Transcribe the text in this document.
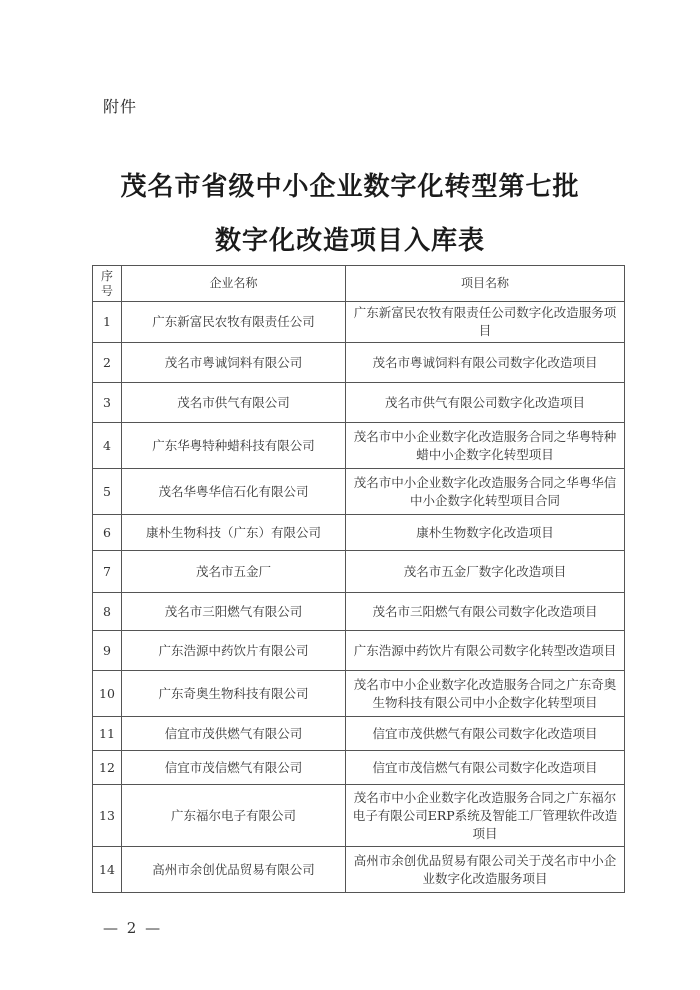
附件
茂名市省级中小企业数字化转型第七批
数字化改造项目入库表
序号	企业名称	项目名称
1	广东新富民农牧有限责任公司	广东新富民农牧有限责任公司数字化改造服务项目
2	茂名市粤诚饲料有限公司	茂名市粤诚饲料有限公司数字化改造项目
3	茂名市供气有限公司	茂名市供气有限公司数字化改造项目
4	广东华粤特种蜡科技有限公司	茂名市中小企业数字化改造服务合同之华粤特种蜡中小企数字化转型项目
5	茂名华粤华信石化有限公司	茂名市中小企业数字化改造服务合同之华粤华信中小企数字化转型项目合同
6	康朴生物科技（广东）有限公司	康朴生物数字化改造项目
7	茂名市五金厂	茂名市五金厂数字化改造项目
8	茂名市三阳燃气有限公司	茂名市三阳燃气有限公司数字化改造项目
9	广东浩源中药饮片有限公司	广东浩源中药饮片有限公司数字化转型改造项目
10	广东奇奥生物科技有限公司	茂名市中小企业数字化改造服务合同之广东奇奥生物科技有限公司中小企数字化转型项目
11	信宜市茂供燃气有限公司	信宜市茂供燃气有限公司数字化改造项目
12	信宜市茂信燃气有限公司	信宜市茂信燃气有限公司数字化改造项目
13	广东福尔电子有限公司	茂名市中小企业数字化改造服务合同之广东福尔电子有限公司ERP系统及智能工厂管理软件改造项目
14	高州市余创优品贸易有限公司	高州市余创优品贸易有限公司关于茂名市中小企业数字化改造服务项目
— 2 —
